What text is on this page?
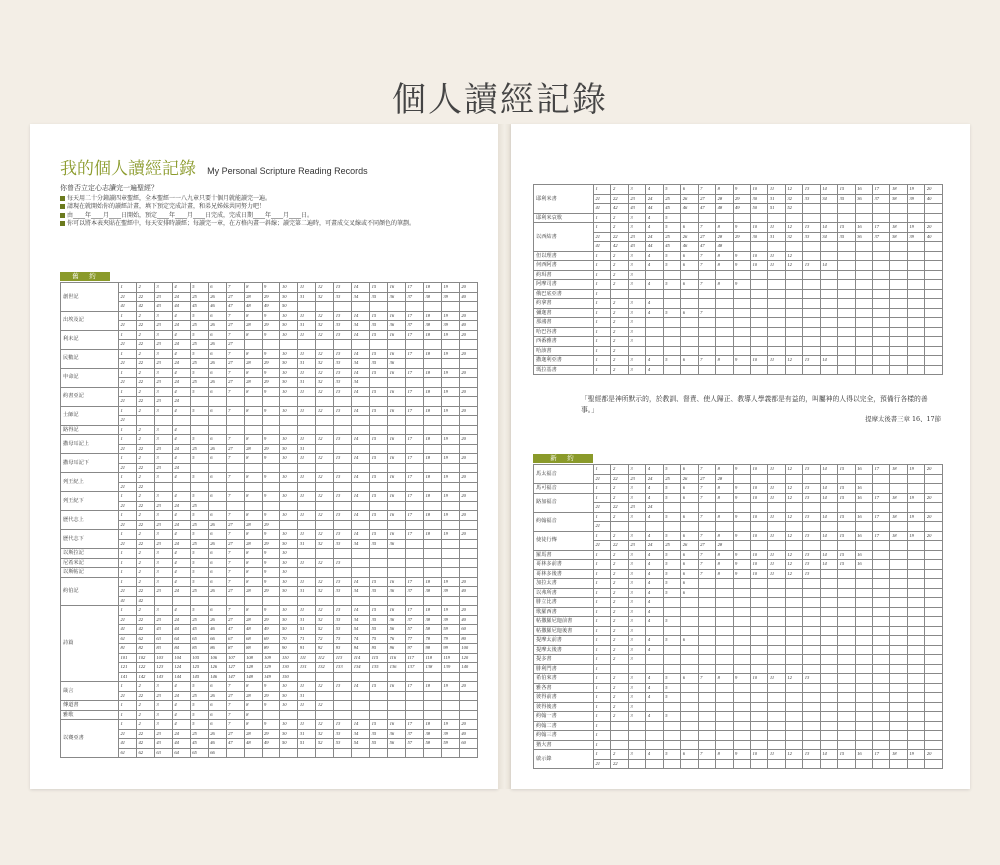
個人讀經記錄
我的個人讀經記錄 My Personal Scripture Reading Records

你曾否立定心志讀完一遍聖經？

每天用二十分鐘讀四章聖經，全本聖經一一八九章只要十個月就能讀完一遍。

請現在就開始你的讀經計畫，填下預定完成計畫，和弟兄姊妹共同努力吧！

由____年____月____日開始，預定____年____月____日完成，完成日期____年____月____日。

你可以將本表夾貼在聖經中，每天安排時讀經；每讀完一章，在方格內畫一斜線；讀完第二遍時，可畫成交叉線或不同顏色的筆劃。

舊　約
創世記	1	2	3	4	5	6	7	8	9	10	11	12	13	14	15	16	17	18	19	20
	21	22	23	24	25	26	27	28	29	30	31	32	33	34	35	36	37	38	39	40
	41	42	43	44	45	46	47	48	49	50										
出埃及記	1	2	3	4	5	6	7	8	9	10	11	12	13	14	15	16	17	18	19	20
	21	22	23	24	25	26	27	28	29	30	31	32	33	34	35	36	37	38	39	40
利未記	1	2	3	4	5	6	7	8	9	10	11	12	13	14	15	16	17	18	19	20
	21	22	23	24	25	26	27													
民數記	1	2	3	4	5	6	7	8	9	10	11	12	13	14	15	16	17	18	19	20
	21	22	23	24	25	26	27	28	29	30	31	32	33	34	35	36				
申命記	1	2	3	4	5	6	7	8	9	10	11	12	13	14	15	16	17	18	19	20
	21	22	23	24	25	26	27	28	29	30	31	32	33	34						
約書亞記	1	2	3	4	5	6	7	8	9	10	11	12	13	14	15	16	17	18	19	20
	21	22	23	24																
士師記	1	2	3	4	5	6	7	8	9	10	11	12	13	14	15	16	17	18	19	20
	21																			
路得記	1	2	3	4																
撒母耳記上	1	2	3	4	5	6	7	8	9	10	11	12	13	14	15	16	17	18	19	20
	21	22	23	24	25	26	27	28	29	30	31									
撒母耳記下	1	2	3	4	5	6	7	8	9	10	11	12	13	14	15	16	17	18	19	20
	21	22	23	24																
列王紀上	1	2	3	4	5	6	7	8	9	10	11	12	13	14	15	16	17	18	19	20
	21	22																		
列王紀下	1	2	3	4	5	6	7	8	9	10	11	12	13	14	15	16	17	18	19	20
	21	22	23	24	25															
歷代志上	1	2	3	4	5	6	7	8	9	10	11	12	13	14	15	16	17	18	19	20
	21	22	23	24	25	26	27	28	29											
歷代志下	1	2	3	4	5	6	7	8	9	10	11	12	13	14	15	16	17	18	19	20
	21	22	23	24	25	26	27	28	29	30	31	32	33	34	35	36				
以斯拉記	1	2	3	4	5	6	7	8	9	10										
尼希米記	1	2	3	4	5	6	7	8	9	10	11	12	13							
以斯帖記	1	2	3	4	5	6	7	8	9	10										
約伯記	1	2	3	4	5	6	7	8	9	10	11	12	13	14	15	16	17	18	19	20
	21	22	23	24	25	26	27	28	29	30	31	32	33	34	35	36	37	38	39	40
	41	42																		
詩篇	1	2	3	4	5	6	7	8	9	10	11	12	13	14	15	16	17	18	19	20
	21	22	23	24	25	26	27	28	29	30	31	32	33	34	35	36	37	38	39	40
	41	42	43	44	45	46	47	48	49	50	51	52	53	54	55	56	57	58	59	60
	61	62	63	64	65	66	67	68	69	70	71	72	73	74	75	76	77	78	79	80
	81	82	83	84	85	86	87	88	89	90	91	92	93	94	95	96	97	98	99	100
	101	102	103	104	105	106	107	108	109	110	111	112	113	114	115	116	117	118	119	120
	121	122	123	124	125	126	127	128	129	130	131	132	133	134	135	136	137	138	139	140
	141	142	143	144	145	146	147	148	149	150										
箴言	1	2	3	4	5	6	7	8	9	10	11	12	13	14	15	16	17	18	19	20
	21	22	23	24	25	26	27	28	29	30	31									
傳道書	1	2	3	4	5	6	7	8	9	10	11	12								
雅歌	1	2	3	4	5	6	7	8												
以賽亞書	1	2	3	4	5	6	7	8	9	10	11	12	13	14	15	16	17	18	19	20
	21	22	23	24	25	26	27	28	29	30	31	32	33	34	35	36	37	38	39	40
	41	42	43	44	45	46	47	48	49	50	51	52	53	54	55	56	57	58	59	60
	61	62	63	64	65	66														
耶利米書	1	2	3	4	5	6	7	8	9	10	11	12	13	14	15	16	17	18	19	20
	21	22	23	24	25	26	27	28	29	30	31	32	33	34	35	36	37	38	39	40
	41	42	43	44	45	46	47	48	49	50	51	52								
耶利米哀歌	1	2	3	4	5															
以西結書	1	2	3	4	5	6	7	8	9	10	11	12	13	14	15	16	17	18	19	20
	21	22	23	24	25	26	27	28	29	30	31	32	33	34	35	36	37	38	39	40
	41	42	43	44	45	46	47	48												
但以理書	1	2	3	4	5	6	7	8	9	10	11	12								
何西阿書	1	2	3	4	5	6	7	8	9	10	11	12	13	14						
約珥書	1	2	3																	
阿摩司書	1	2	3	4	5	6	7	8	9											
俄巴底亞書	1																			
約拿書	1	2	3	4																
彌迦書	1	2	3	4	5	6	7													
那鴻書	1	2	3																	
哈巴谷書	1	2	3																	
西番雅書	1	2	3																	
哈該書	1	2																		
撒迦利亞書	1	2	3	4	5	6	7	8	9	10	11	12	13	14						
瑪拉基書	1	2	3	4																
「聖經都是神所默示的，於教訓、督責、使人歸正、教導人學義都是有益的，叫屬神的人得以完全，預備行各樣的善事。」
提摩太後書三章 16、17節
新　約
馬太福音	1	2	3	4	5	6	7	8	9	10	11	12	13	14	15	16	17	18	19	20
	21	22	23	24	25	26	27	28												
馬可福音	1	2	3	4	5	6	7	8	9	10	11	12	13	14	15	16				
路加福音	1	2	3	4	5	6	7	8	9	10	11	12	13	14	15	16	17	18	19	20
	21	22	23	24																
約翰福音	1	2	3	4	5	6	7	8	9	10	11	12	13	14	15	16	17	18	19	20
	21																			
使徒行傳	1	2	3	4	5	6	7	8	9	10	11	12	13	14	15	16	17	18	19	20
	21	22	23	24	25	26	27	28												
羅馬書	1	2	3	4	5	6	7	8	9	10	11	12	13	14	15	16				
哥林多前書	1	2	3	4	5	6	7	8	9	10	11	12	13	14	15	16				
哥林多後書	1	2	3	4	5	6	7	8	9	10	11	12	13							
加拉太書	1	2	3	4	5	6														
以弗所書	1	2	3	4	5	6														
腓立比書	1	2	3	4																
歌羅西書	1	2	3	4																
帖撒羅尼迦前書	1	2	3	4	5															
帖撒羅尼迦後書	1	2	3																	
提摩太前書	1	2	3	4	5	6														
提摩太後書	1	2	3	4																
提多書	1	2	3																	
腓利門書	1																			
希伯來書	1	2	3	4	5	6	7	8	9	10	11	12	13							
雅各書	1	2	3	4	5															
彼得前書	1	2	3	4	5															
彼得後書	1	2	3																	
約翰一書	1	2	3	4	5															
約翰二書	1																			
約翰三書	1																			
猶大書	1																			
啟示錄	1	2	3	4	5	6	7	8	9	10	11	12	13	14	15	16	17	18	19	20
	21	22																		
